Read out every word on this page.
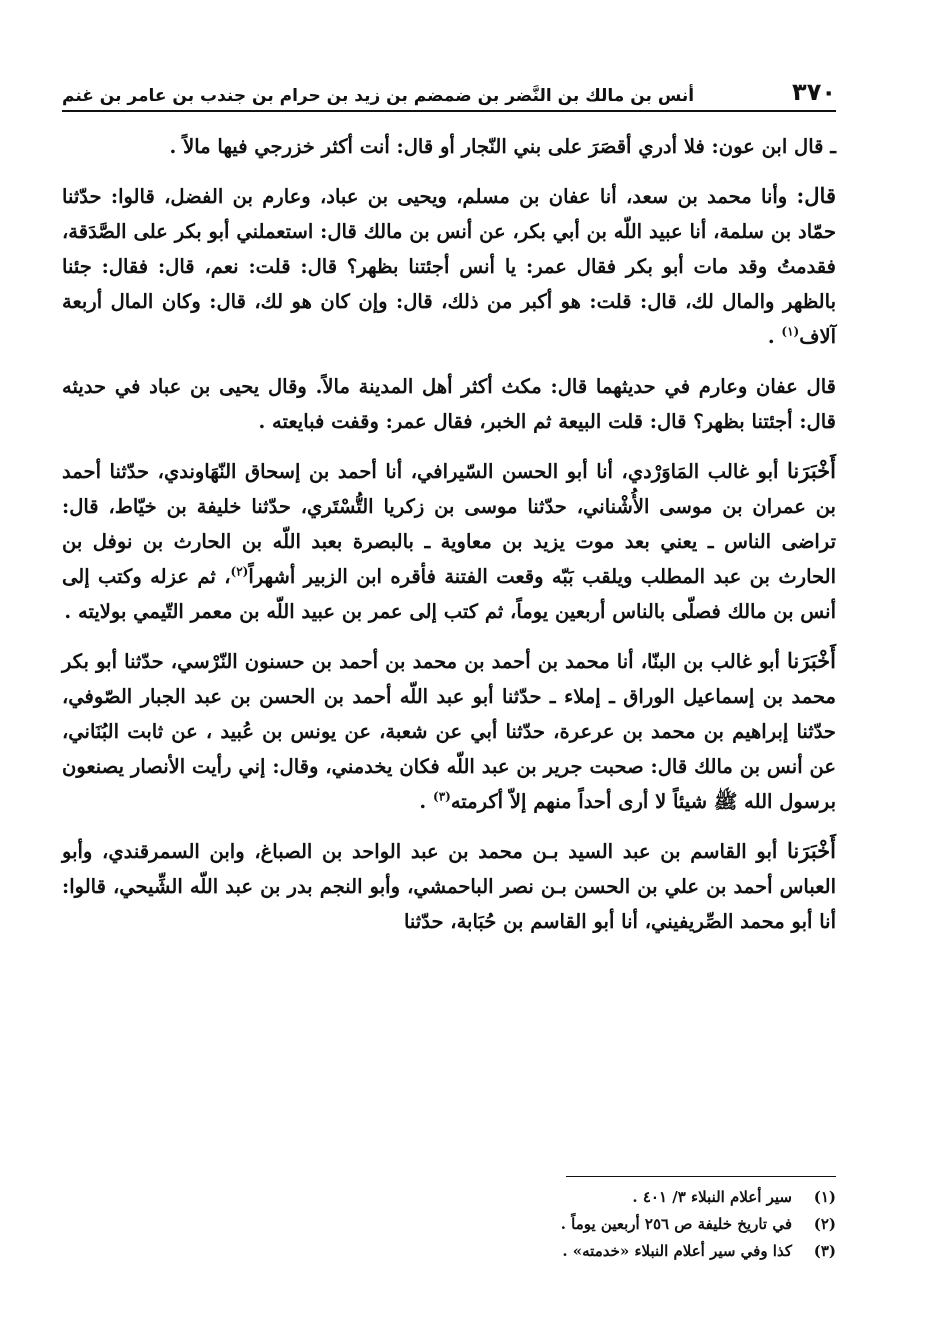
٣٧٠
أنس بن مالك بن النَّضر بن ضمضم بن زيد بن حرام بن جندب بن عامر بن غنم

ـ قال ابن عون: فلا أدري أقصَرَ على بني النّجار أو قال: أنت أكثر خزرجي فيها مالاً .

قال: وأنا محمد بن سعد، أنا عفان بن مسلم، ويحيى بن عباد، وعارم بن الفضل، قالوا: حدّثنا حمّاد بن سلمة، أنا عبيد اللّه بن أبي بكر، عن أنس بن مالك قال: استعملني أبو بكر على الصَّدَقة، فقدمتُ وقد مات أبو بكر فقال عمر: يا أنس أجئتنا بظهر؟ قال: قلت: نعم، قال: فقال: جئنا بالظهر والمال لك، قال: قلت: هو أكبر من ذلك، قال: وإن كان هو لك، قال: وكان المال أربعة آلاف$^{(١)}$ .

قال عفان وعارم في حديثهما قال: مكث أكثر أهل المدينة مالاً. وقال يحيى بن عباد في حديثه قال: أجئتنا بظهر؟ قال: قلت البيعة ثم الخبر، فقال عمر: وقفت فبايعته .

أَخْبَرَنا أبو غالب المَاوَرْدي، أنا أبو الحسن السّيرافي، أنا أحمد بن إسحاق النّهَاوندي، حدّثنا أحمد بن عمران بن موسى الأُشْناني، حدّثنا موسى بن زكريا التُّسْتَري، حدّثنا خليفة بن خيّاط، قال: تراضى الناس ـ يعني بعد موت يزيد بن معاوية ـ بالبصرة بعبد اللّه بن الحارث بن نوفل بن الحارث بن عبد المطلب ويلقب بَبّه وقعت الفتنة فأقره ابن الزبير أشهراً$^{(٢)}$، ثم عزله وكتب إلى أنس بن مالك فصلّى بالناس أربعين يوماً، ثم كتب إلى عمر بن عبيد اللّه بن معمر التّيمي بولايته .

أَخْبَرَنا أبو غالب بن البنّا، أنا محمد بن أحمد بن محمد بن أحمد بن حسنون النّرْسي، حدّثنا أبو بكر محمد بن إسماعيل الوراق ـ إملاء ـ حدّثنا أبو عبد اللّه أحمد بن الحسن بن عبد الجبار الصّوفي، حدّثنا إبراهيم بن محمد بن عرعرة، حدّثنا أبي عن شعبة، عن يونس بن عُبيد ، عن ثابت البُنَاني، عن أنس بن مالك قال: صحبت جرير بن عبد اللّه فكان يخدمني، وقال: إني رأيت الأنصار يصنعون برسول الله ﷺ شيئاً لا أرى أحداً منهم إلاّ أكرمته$^{(٣)}$ .

أَخْبَرَنا أبو القاسم بن عبد السيد بـن محمد بن عبد الواحد بن الصباغ، وابن السمرقندي، وأبو العباس أحمد بن علي بن الحسن بـن نصر الباحمشي، وأبو النجم بدر بن عبد اللّه الشِّيحي، قالوا: أنا أبو محمد الصِّريفيني، أنا أبو القاسم بن حُبَابة، حدّثنا

(١)
سير أعلام النبلاء ٣/ ٤٠١ .
(٢)
في تاريخ خليفة ص ٢٥٦ أربعين يوماً .
(٣)
كذا وفي سير أعلام النبلاء «خدمته» .
